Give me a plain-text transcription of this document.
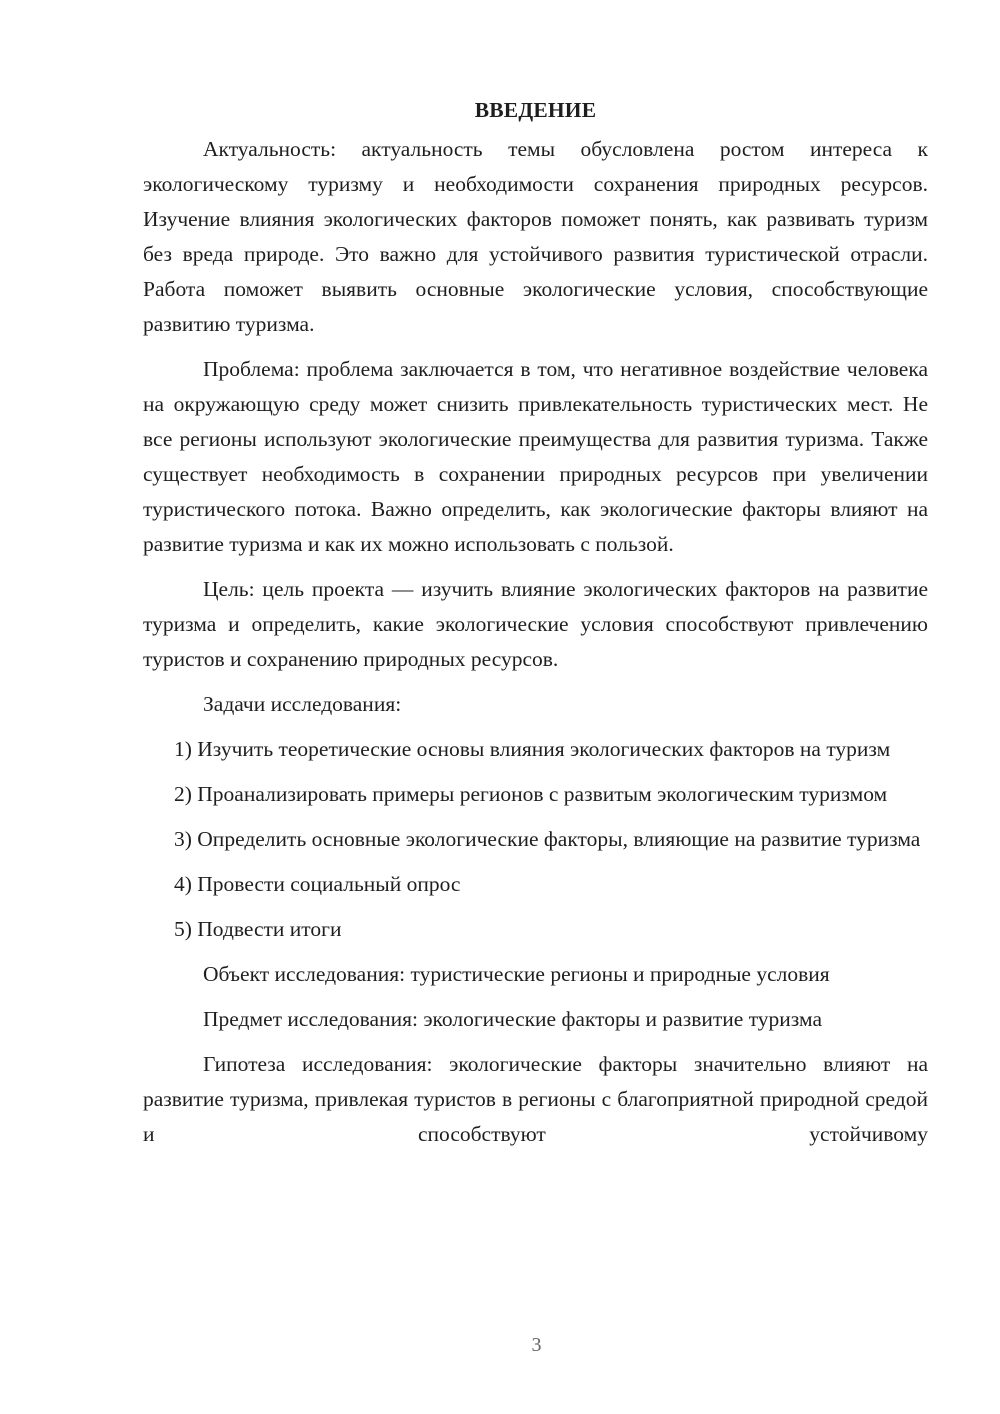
ВВЕДЕНИЕ

Актуальность: актуальность темы обусловлена ростом интереса к экологическому туризму и необходимости сохранения природных ресурсов. Изучение влияния экологических факторов поможет понять, как развивать туризм без вреда природе. Это важно для устойчивого развития туристической отрасли. Работа поможет выявить основные экологические условия, способствующие развитию туризма.

Проблема: проблема заключается в том, что негативное воздействие человека на окружающую среду может снизить привлекательность туристических мест. Не все регионы используют экологические преимущества для развития туризма. Также существует необходимость в сохранении природных ресурсов при увеличении туристического потока. Важно определить, как экологические факторы влияют на развитие туризма и как их можно использовать с пользой.

Цель: цель проекта — изучить влияние экологических факторов на развитие туризма и определить, какие экологические условия способствуют привлечению туристов и сохранению природных ресурсов.

Задачи исследования:

1) Изучить теоретические основы влияния экологических факторов на туризм

2) Проанализировать примеры регионов с развитым экологическим туризмом

3) Определить основные экологические факторы, влияющие на развитие туризма

4) Провести социальный опрос

5) Подвести итоги

Объект исследования: туристические регионы и природные условия

Предмет исследования: экологические факторы и развитие туризма

Гипотеза исследования: экологические факторы значительно влияют на развитие туризма, привлекая туристов в регионы с благоприятной природной средой и способствуют устойчивому

3
